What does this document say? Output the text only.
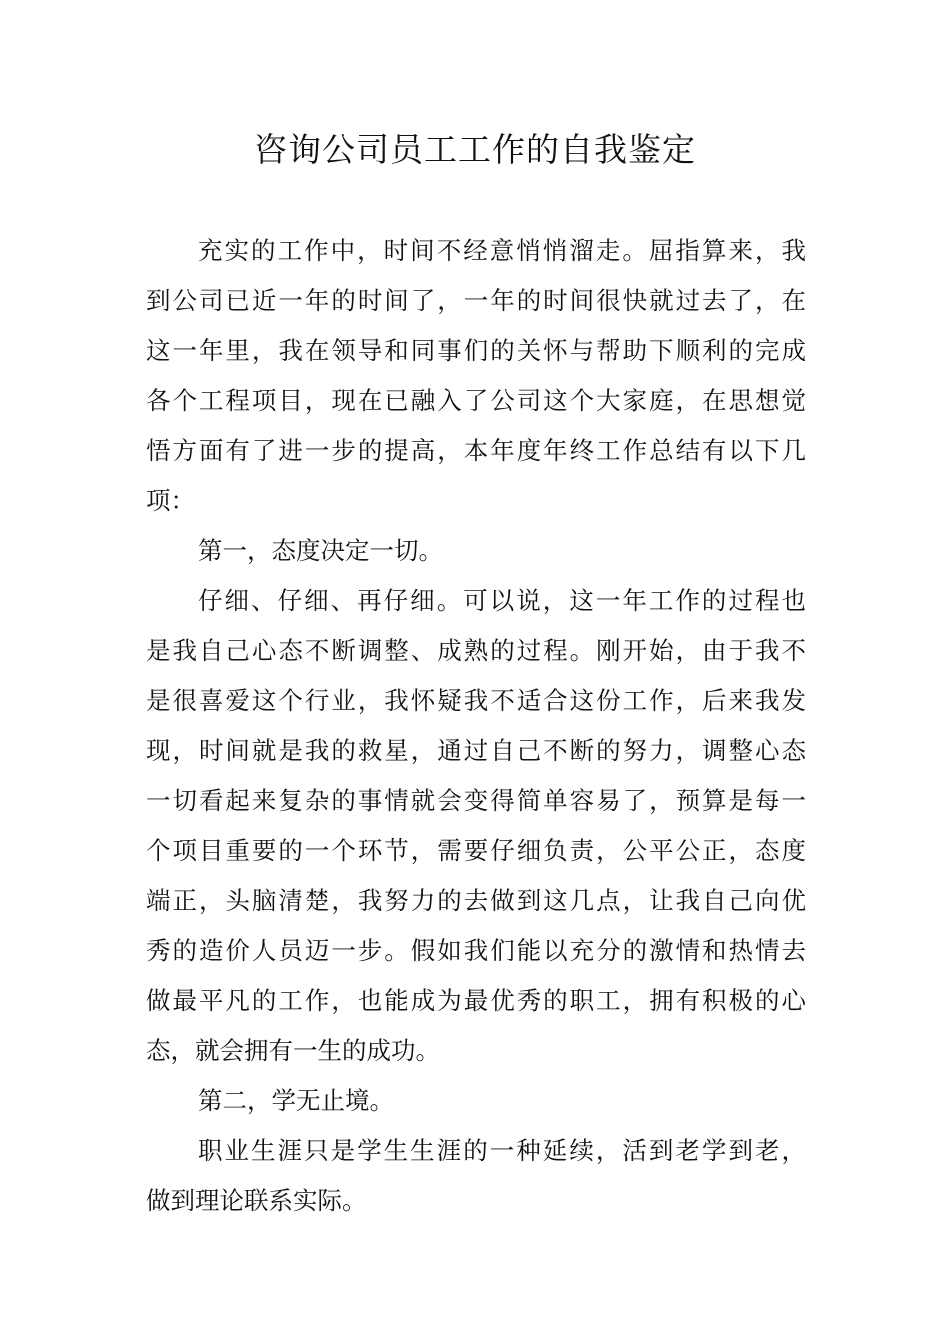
咨询公司员工工作的自我鉴定
充实的工作中，时间不经意悄悄溜走。屈指算来，我
到公司已近一年的时间了，一年的时间很快就过去了，在
这一年里，我在领导和同事们的关怀与帮助下顺利的完成
各个工程项目，现在已融入了公司这个大家庭，在思想觉
悟方面有了进一步的提高，本年度年终工作总结有以下几
项：
第一，态度决定一切。
仔细、仔细、再仔细。可以说，这一年工作的过程也
是我自己心态不断调整、成熟的过程。刚开始，由于我不
是很喜爱这个行业，我怀疑我不适合这份工作，后来我发
现，时间就是我的救星，通过自己不断的努力，调整心态
一切看起来复杂的事情就会变得简单容易了，预算是每一
个项目重要的一个环节，需要仔细负责，公平公正，态度
端正，头脑清楚，我努力的去做到这几点，让我自己向优
秀的造价人员迈一步。假如我们能以充分的激情和热情去
做最平凡的工作，也能成为最优秀的职工，拥有积极的心
态，就会拥有一生的成功。
第二，学无止境。
职业生涯只是学生生涯的一种延续，活到老学到老，
做到理论联系实际。
